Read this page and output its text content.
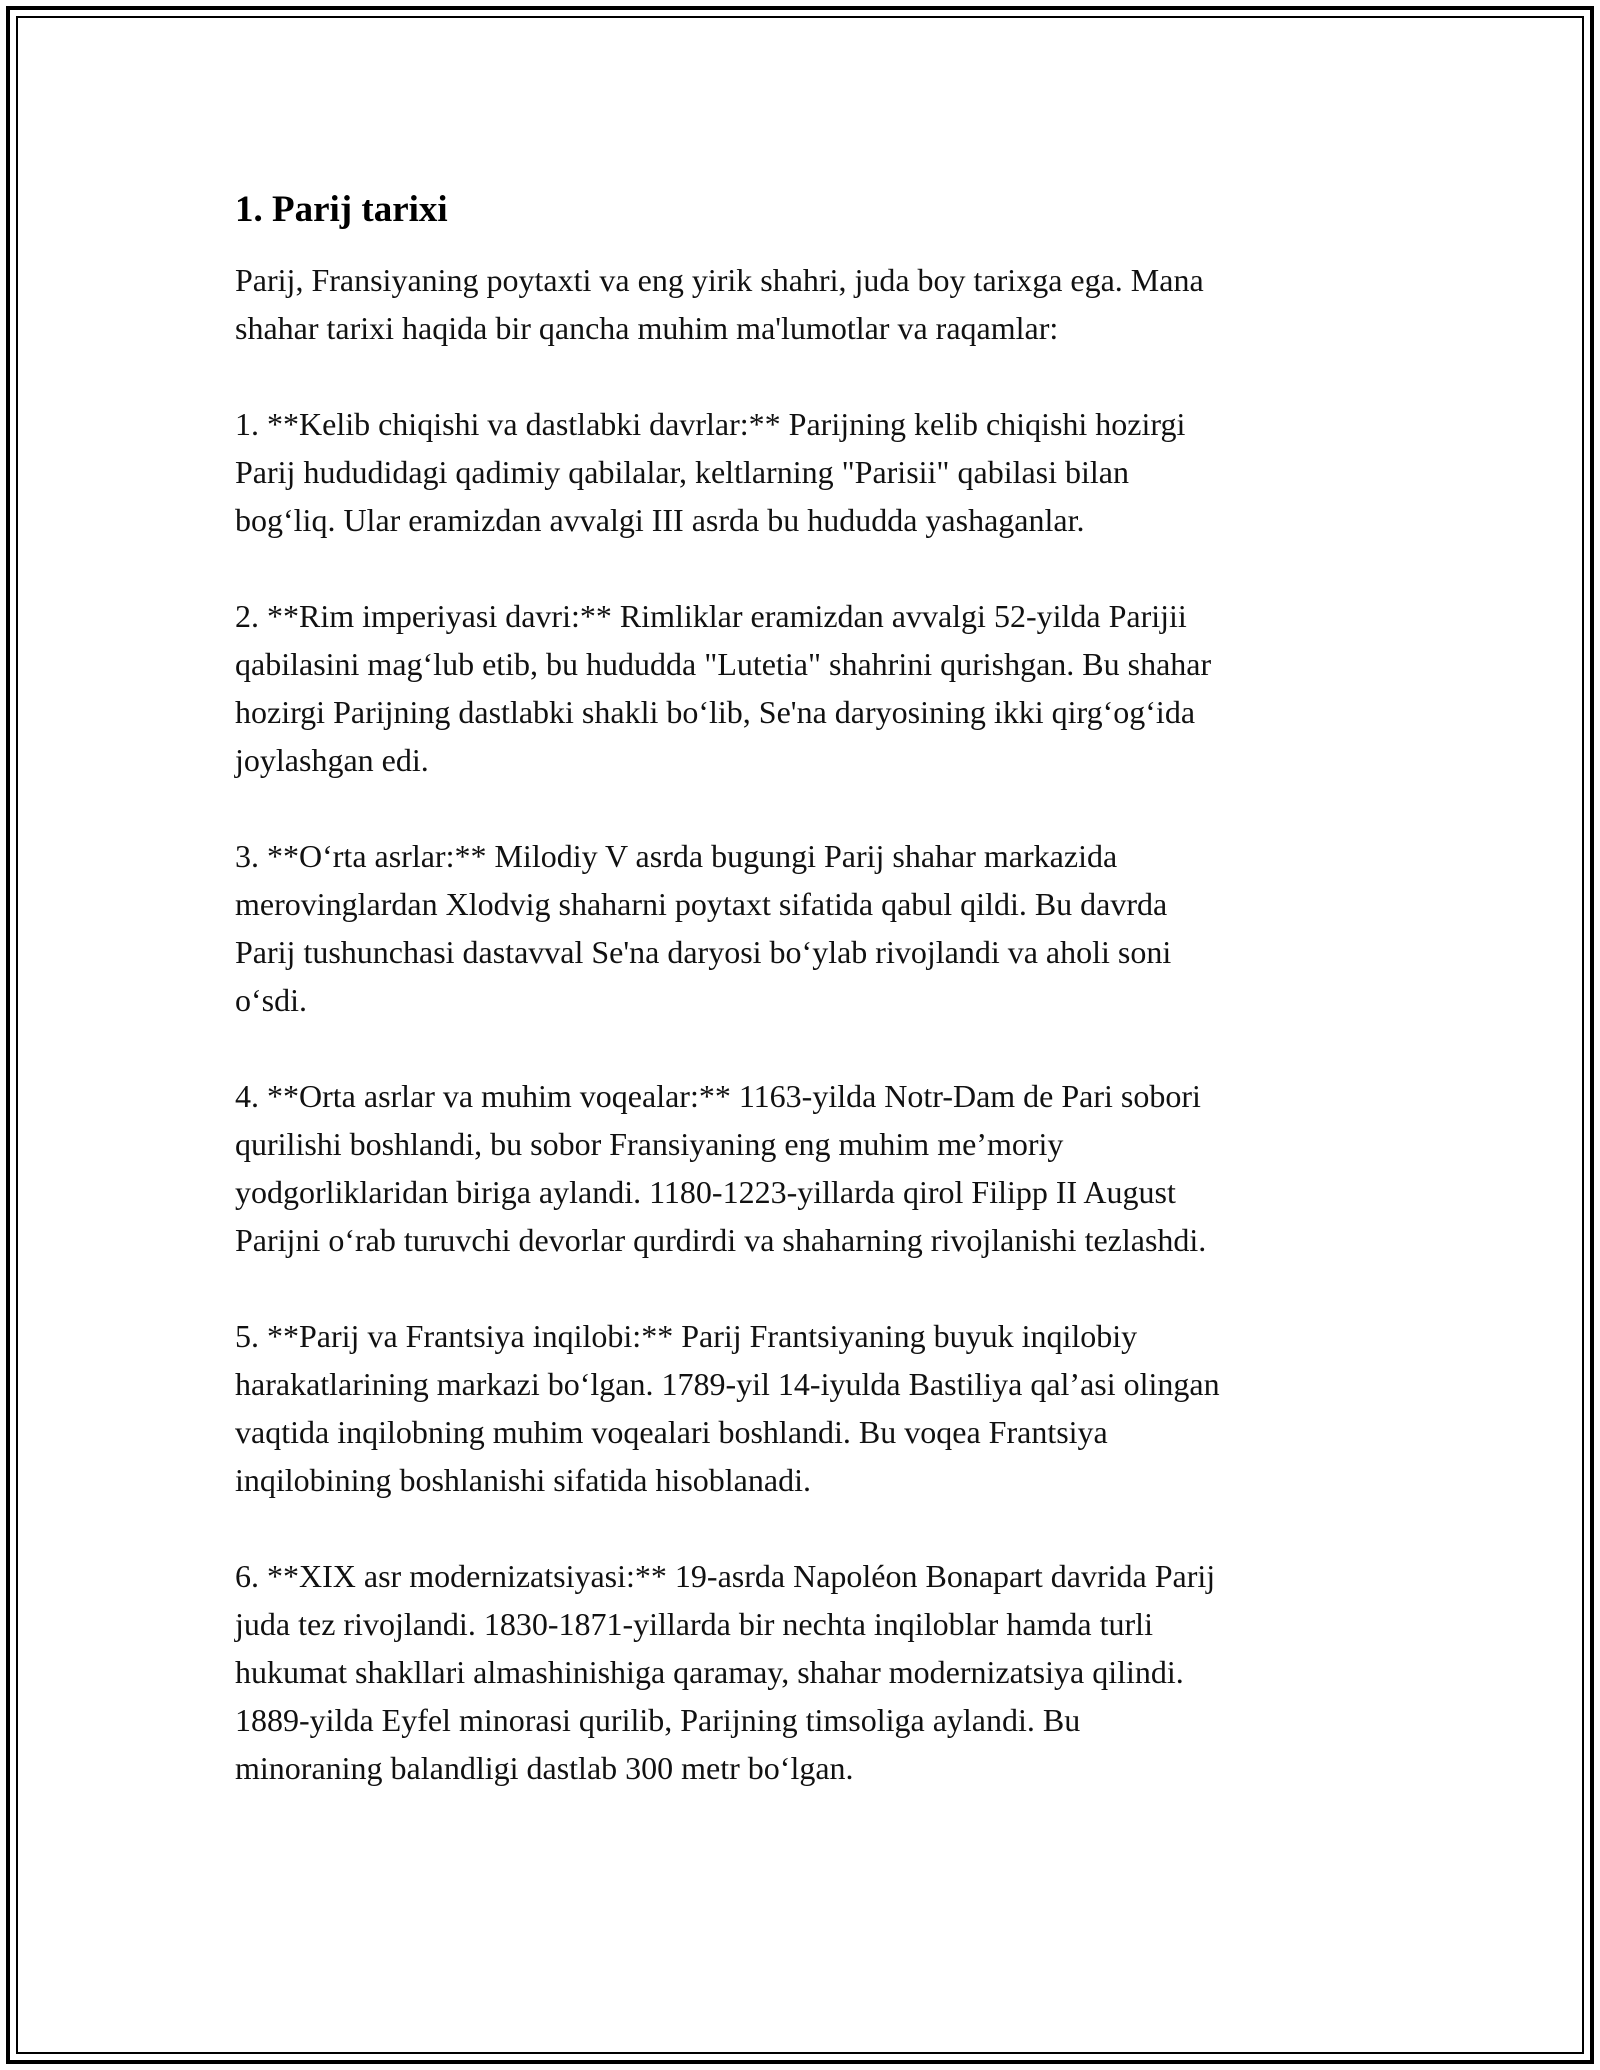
1. Parij tarixi

Parij, Fransiyaning poytaxti va eng yirik shahri, juda boy tarixga ega. Mana
shahar tarixi haqida bir qancha muhim ma'lumotlar va raqamlar:

1. **Kelib chiqishi va dastlabki davrlar:** Parijning kelib chiqishi hozirgi
Parij hududidagi qadimiy qabilalar, keltlarning "Parisii" qabilasi bilan
bog‘liq. Ular eramizdan avvalgi III asrda bu hududda yashaganlar.

2. **Rim imperiyasi davri:** Rimliklar eramizdan avvalgi 52-yilda Parijii
qabilasini mag‘lub etib, bu hududda "Lutetia" shahrini qurishgan. Bu shahar
hozirgi Parijning dastlabki shakli bo‘lib, Se'na daryosining ikki qirg‘og‘ida
joylashgan edi.

3. **O‘rta asrlar:** Milodiy V asrda bugungi Parij shahar markazida
merovinglardan Xlodvig shaharni poytaxt sifatida qabul qildi. Bu davrda
Parij tushunchasi dastavval Se'na daryosi bo‘ylab rivojlandi va aholi soni
o‘sdi.

4. **Orta asrlar va muhim voqealar:** 1163-yilda Notr-Dam de Pari sobori
qurilishi boshlandi, bu sobor Fransiyaning eng muhim me’moriy
yodgorliklaridan biriga aylandi. 1180-1223-yillarda qirol Filipp II August
Parijni o‘rab turuvchi devorlar qurdirdi va shaharning rivojlanishi tezlashdi.

5. **Parij va Frantsiya inqilobi:** Parij Frantsiyaning buyuk inqilobiy
harakatlarining markazi bo‘lgan. 1789-yil 14-iyulda Bastiliya qal’asi olingan
vaqtida inqilobning muhim voqealari boshlandi. Bu voqea Frantsiya
inqilobining boshlanishi sifatida hisoblanadi.

6. **XIX asr modernizatsiyasi:** 19-asrda Napoléon Bonapart davrida Parij
juda tez rivojlandi. 1830-1871-yillarda bir nechta inqiloblar hamda turli
hukumat shakllari almashinishiga qaramay, shahar modernizatsiya qilindi.
1889-yilda Eyfel minorasi qurilib, Parijning timsoliga aylandi. Bu
minoraning balandligi dastlab 300 metr bo‘lgan.
